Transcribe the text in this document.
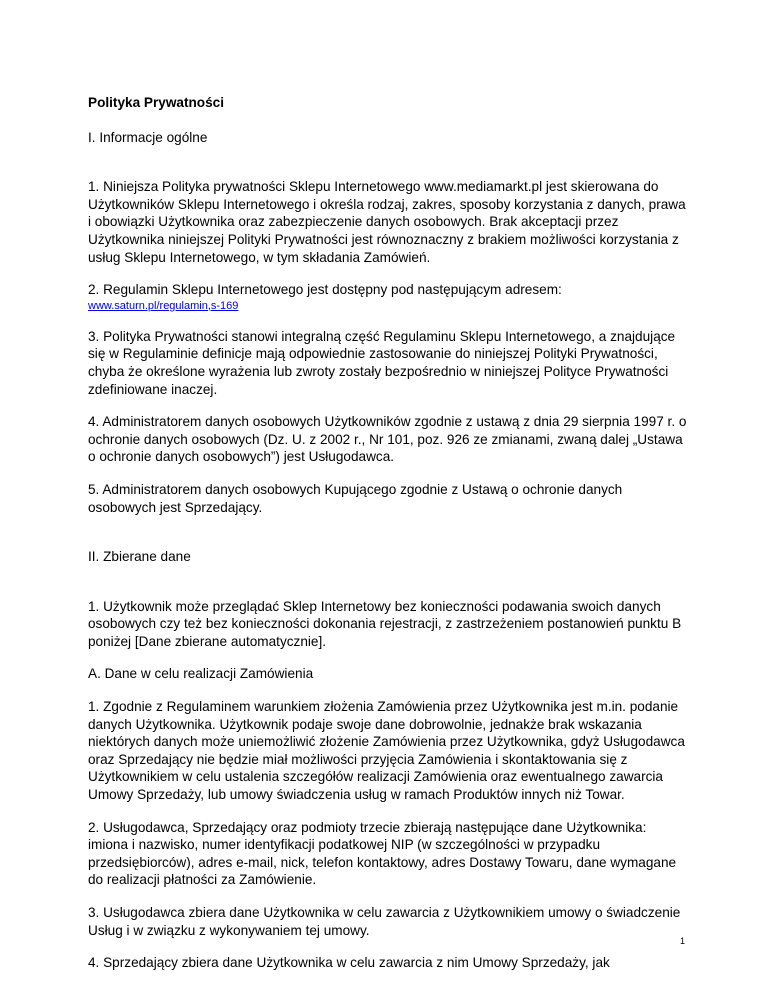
Polityka Prywatności

I. Informacje ogólne

1. Niniejsza Polityka prywatności Sklepu Internetowego www.mediamarkt.pl jest skierowana do Użytkowników Sklepu Internetowego i określa rodzaj, zakres, sposoby korzystania z danych, prawa i obowiązki Użytkownika oraz zabezpieczenie danych osobowych. Brak akceptacji przez Użytkownika niniejszej Polityki Prywatności jest równoznaczny z brakiem możliwości korzystania z usług Sklepu Internetowego, w tym składania Zamówień.

2. Regulamin Sklepu Internetowego jest dostępny pod następującym adresem:
www.saturn.pl/regulamin,s-169

3. Polityka Prywatności stanowi integralną część Regulaminu Sklepu Internetowego, a znajdujące się w Regulaminie definicje mają odpowiednie zastosowanie do niniejszej Polityki Prywatności, chyba że określone wyrażenia lub zwroty zostały bezpośrednio w niniejszej Polityce Prywatności zdefiniowane inaczej.

4. Administratorem danych osobowych Użytkowników zgodnie z ustawą z dnia 29 sierpnia 1997 r. o ochronie danych osobowych (Dz. U. z 2002 r., Nr 101, poz. 926 ze zmianami, zwaną dalej „Ustawa o ochronie danych osobowych”) jest Usługodawca.

5. Administratorem danych osobowych Kupującego zgodnie z Ustawą o ochronie danych osobowych jest Sprzedający.

II. Zbierane dane

1. Użytkownik może przeglądać Sklep Internetowy bez konieczności podawania swoich danych osobowych czy też bez konieczności dokonania rejestracji, z zastrzeżeniem postanowień punktu B poniżej [Dane zbierane automatycznie].

A. Dane w celu realizacji Zamówienia

1. Zgodnie z Regulaminem warunkiem złożenia Zamówienia przez Użytkownika jest m.in. podanie danych Użytkownika. Użytkownik podaje swoje dane dobrowolnie, jednakże brak wskazania niektórych danych może uniemożliwić złożenie Zamówienia przez Użytkownika, gdyż Usługodawca oraz Sprzedający nie będzie miał możliwości przyjęcia Zamówienia i skontaktowania się z Użytkownikiem w celu ustalenia szczegółów realizacji Zamówienia oraz ewentualnego zawarcia Umowy Sprzedaży, lub umowy świadczenia usług w ramach Produktów innych niż Towar.

2. Usługodawca, Sprzedający oraz podmioty trzecie zbierają następujące dane Użytkownika: imiona i nazwisko, numer identyfikacji podatkowej NIP (w szczególności w przypadku przedsiębiorców), adres e-mail, nick, telefon kontaktowy, adres Dostawy Towaru, dane wymagane do realizacji płatności za Zamówienie.

3. Usługodawca zbiera dane Użytkownika w celu zawarcia z Użytkownikiem umowy o świadczenie Usług i w związku z wykonywaniem tej umowy.

4. Sprzedający zbiera dane Użytkownika w celu zawarcia z nim Umowy Sprzedaży, jak

1
